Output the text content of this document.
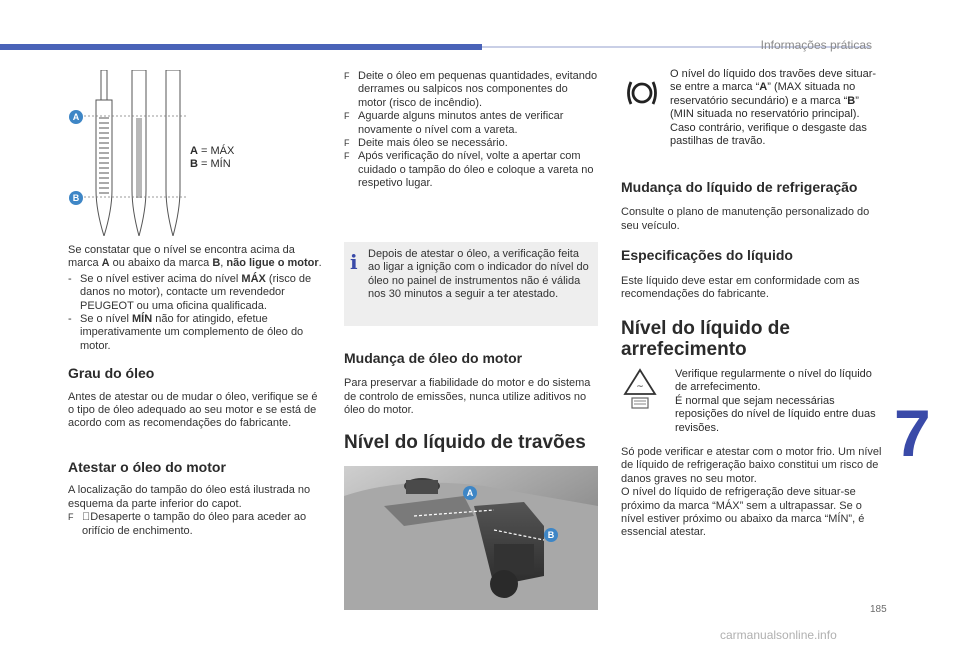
Informações práticas
7
185
carmanualsonline.info
A
B
A = MÁX
B = MÍN

Se constatar que o nível se encontra acima da marca A ou abaixo da marca B, não ligue o motor.

- Se o nível estiver acima do nível MÁX (risco de danos no motor), contacte um revendedor PEUGEOT ou uma oficina qualificada.
- Se o nível MÍN não for atingido, efetue imperativamente um complemento de óleo do motor.
Grau do óleo

Antes de atestar ou de mudar o óleo, verifique se é o tipo de óleo adequado ao seu motor e se está de acordo com as recomendações do fabricante.

Atestar o óleo do motor

A localização do tampão do óleo está ilustrada no esquema da parte inferior do capot.

F Desaperte o tampão do óleo para aceder ao orifício de enchimento.
F Deite o óleo em pequenas quantidades, evitando derrames ou salpicos nos componentes do motor (risco de incêndio).
F Aguarde alguns minutos antes de verificar novamente o nível com a vareta.
F Deite mais óleo se necessário.
F Após verificação do nível, volte a apertar com cuidado o tampão do óleo e coloque a vareta no respetivo lugar.
i Depois de atestar o óleo, a verificação feita ao ligar a ignição com o indicador do nível do óleo no painel de instrumentos não é válida nos 30 minutos a seguir a ter atestado.
Mudança de óleo do motor

Para preservar a fiabilidade do motor e do sistema de controlo de emissões, nunca utilize aditivos no óleo do motor.

Nível do líquido de travões
A
B
O nível do líquido dos travões deve situar-se entre a marca “A” (MAX situada no reservatório secundário) e a marca “B” (MIN situada no reservatório principal). Caso contrário, verifique o desgaste das pastilhas de travão.
Mudança do líquido de refrigeração

Consulte o plano de manutenção personalizado do seu veículo.

Especificações do líquido

Este líquido deve estar em conformidade com as recomendações do fabricante.

Nível do líquido de arrefecimento
~
Verifique regularmente o nível do líquido de arrefecimento.
É normal que sejam necessárias reposições do nível de líquido entre duas revisões.
Só pode verificar e atestar com o motor frio. Um nível de líquido de refrigeração baixo constitui um risco de danos graves no seu motor.
O nível do líquido de refrigeração deve situar-se próximo da marca “MÁX” sem a ultrapassar. Se o nível estiver próximo ou abaixo da marca “MÍN”, é essencial atestar.
